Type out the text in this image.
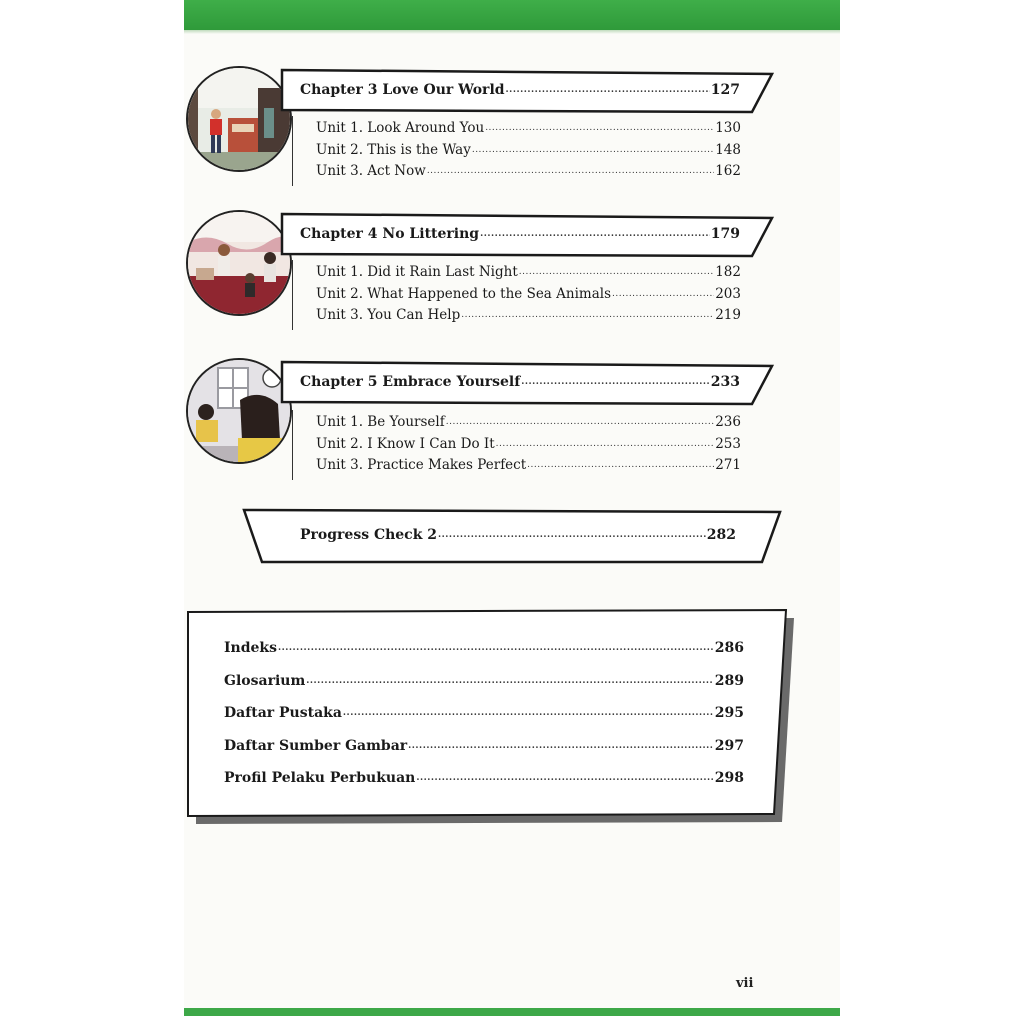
Chapter 3 Love Our World .....	127
Unit 1. Look Around You .....	130
Unit 2. This is the Way .....	148
Unit 3. Act Now .....	162
Chapter 4 No Littering .....	179
Unit 1. Did it Rain Last Night .....	182
Unit 2. What Happened to the Sea Animals .....	203
Unit 3. You Can Help .....	219
Chapter 5 Embrace Yourself .....	233
Unit 1. Be Yourself .....	236
Unit 2. I Know I Can Do It .....	253
Unit 3. Practice Makes Perfect .....	271
Progress Check 2 .....	282
Indeks .....	286
Glosarium .....	289
Daftar Pustaka .....	295
Daftar Sumber Gambar .....	297
Profil Pelaku Perbukuan .....	298
vii
